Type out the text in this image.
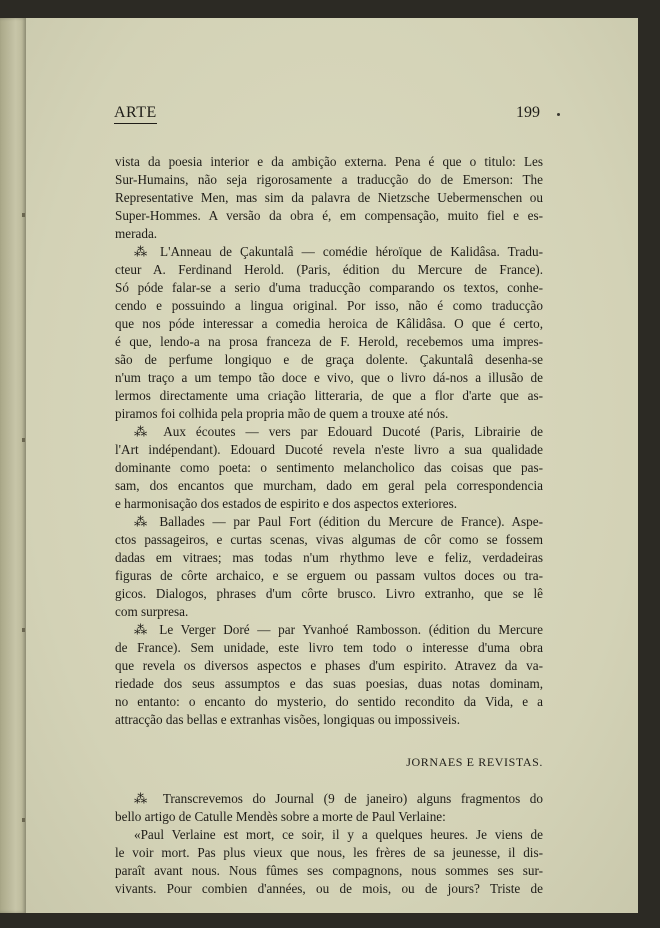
ARTE	199
vista da poesia interior e da ambição externa. Pena é que o titulo: Les
Sur-Humains, não seja rigorosamente a traducção do de Emerson: The
Representative Men, mas sim da palavra de Nietzsche Uebermenschen ou
Super-Hommes. A versão da obra é, em compensação, muito fiel e es-
merada.
⁂ L'Anneau de Çakuntalâ — comédie héroïque de Kalidâsa. Tradu-
cteur A. Ferdinand Herold. (Paris, édition du Mercure de France).
Só póde falar-se a serio d'uma traducção comparando os textos, conhe-
cendo e possuindo a lingua original. Por isso, não é como traducção
que nos póde interessar a comedia heroica de Kâlidâsa. O que é certo,
é que, lendo-a na prosa franceza de F. Herold, recebemos uma impres-
são de perfume longiquo e de graça dolente. Çakuntalâ desenha-se
n'um traço a um tempo tão doce e vivo, que o livro dá-nos a illusão de
lermos directamente uma criação litteraria, de que a flor d'arte que as-
piramos foi colhida pela propria mão de quem a trouxe até nós.
⁂ Aux écoutes — vers par Edouard Ducoté (Paris, Librairie de
l'Art indépendant). Edouard Ducoté revela n'este livro a sua qualidade
dominante como poeta: o sentimento melancholico das coisas que pas-
sam, dos encantos que murcham, dado em geral pela correspondencia
e harmonisação dos estados de espirito e dos aspectos exteriores.
⁂ Ballades — par Paul Fort (édition du Mercure de France). Aspe-
ctos passageiros, e curtas scenas, vivas algumas de côr como se fossem
dadas em vitraes; mas todas n'um rhythmo leve e feliz, verdadeiras
figuras de côrte archaico, e se erguem ou passam vultos doces ou tra-
gicos. Dialogos, phrases d'um côrte brusco. Livro extranho, que se lê
com surpresa.
⁂ Le Verger Doré — par Yvanhoé Rambosson. (édition du Mercure
de France). Sem unidade, este livro tem todo o interesse d'uma obra
que revela os diversos aspectos e phases d'um espirito. Atravez da va-
riedade dos seus assumptos e das suas poesias, duas notas dominam,
no entanto: o encanto do mysterio, do sentido recondito da Vida, e a
attracção das bellas e extranhas visões, longiquas ou impossiveis.
JORNAES E REVISTAS.
⁂ Transcrevemos do Journal (9 de janeiro) alguns fragmentos do
bello artigo de Catulle Mendès sobre a morte de Paul Verlaine:
«Paul Verlaine est mort, ce soir, il y a quelques heures. Je viens de
le voir mort. Pas plus vieux que nous, les frères de sa jeunesse, il dis-
paraît avant nous. Nous fûmes ses compagnons, nous sommes ses sur-
vivants. Pour combien d'années, ou de mois, ou de jours? Triste de
